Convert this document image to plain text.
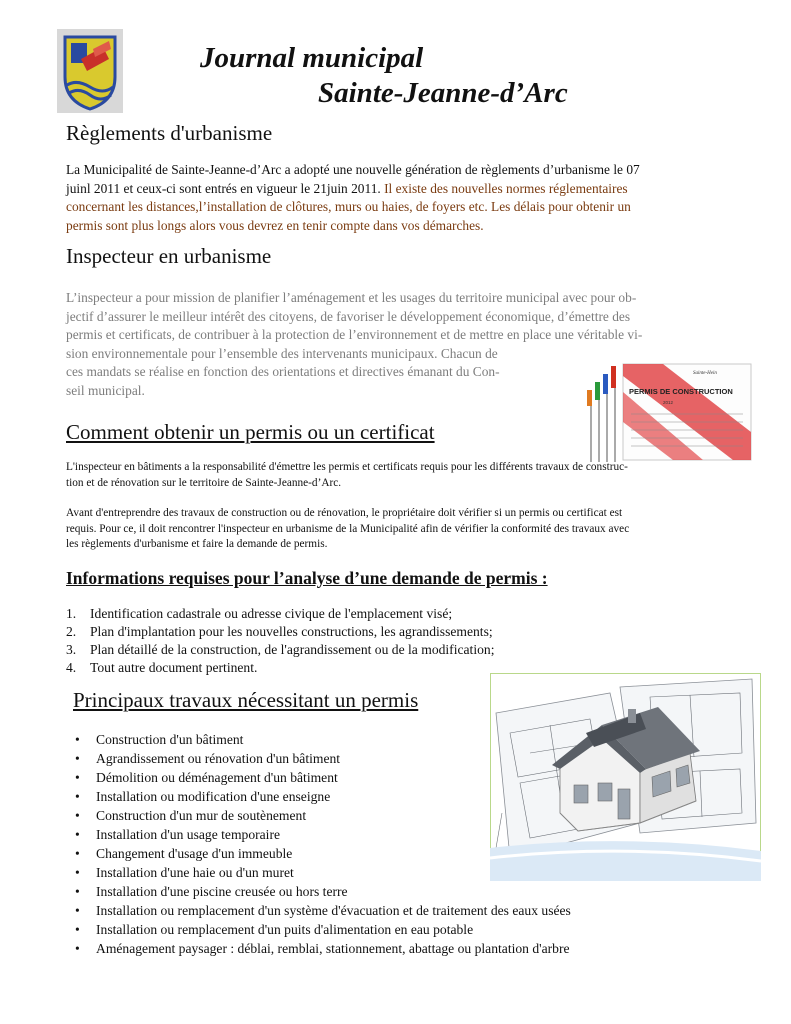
Journal municipal
Sainte-Jeanne-d’Arc
Règlements d'urbanisme
La Municipalité de Sainte-Jeanne-d’Arc a adopté une nouvelle génération de règlements d’urbanisme le 07
juinl 2011 et ceux-ci sont entrés en vigueur le 21juin 2011. Il existe des nouvelles normes réglementaires
concernant les distances,l’installation de clôtures, murs ou haies, de foyers etc. Les délais pour obtenir un
permis sont plus longs alors vous devrez en tenir compte dans vos démarches.
Inspecteur en urbanisme
L’inspecteur a pour mission de planifier l’aménagement et les usages du territoire municipal avec pour ob-
jectif d’assurer le meilleur intérêt des citoyens, de favoriser le développement économique, d’émettre des
permis et certificats, de contribuer à la protection de l’environnement et de mettre en place une véritable vi-
sion environnementale pour l’ensemble des intervenants municipaux. Chacun de
ces mandats se réalise en fonction des orientations et directives émanant du Con-
seil municipal.	PERMIS DE CONSTRUCTION
Sainte-Hein
2012
Comment obtenir un permis ou un certificat
L'inspecteur en bâtiments a la responsabilité d'émettre les permis et certificats requis pour les différents travaux de construc-
tion et de rénovation sur le territoire de Sainte-Jeanne-d’Arc.
Avant d'entreprendre des travaux de construction ou de rénovation, le propriétaire doit vérifier si un permis ou certificat est
requis. Pour ce, il doit rencontrer l'inspecteur en urbanisme de la Municipalité afin de vérifier la conformité des travaux avec
les règlements d'urbanisme et faire la demande de permis.
Informations requises pour l’analyse d’une demande de permis :
1. Identification cadastrale ou adresse civique de l'emplacement visé;
2. Plan d'implantation pour les nouvelles constructions, les agrandissements;
3. Plan détaillé de la construction, de l'agrandissement ou de la modification;
4. Tout autre document pertinent.
Principaux travaux nécessitant un permis
• Construction d'un bâtiment
• Agrandissement ou rénovation d'un bâtiment
• Démolition ou déménagement d'un bâtiment
• Installation ou modification d'une enseigne
• Construction d'un mur de soutènement
• Installation d'un usage temporaire
• Changement d'usage d'un immeuble
• Installation d'une haie ou d'un muret
• Installation d'une piscine creusée ou hors terre
• Installation ou remplacement d'un système d'évacuation et de traitement des eaux usées
• Installation ou remplacement d'un puits d'alimentation en eau potable
• Aménagement paysager : déblai, remblai, stationnement, abattage ou plantation d'arbre
